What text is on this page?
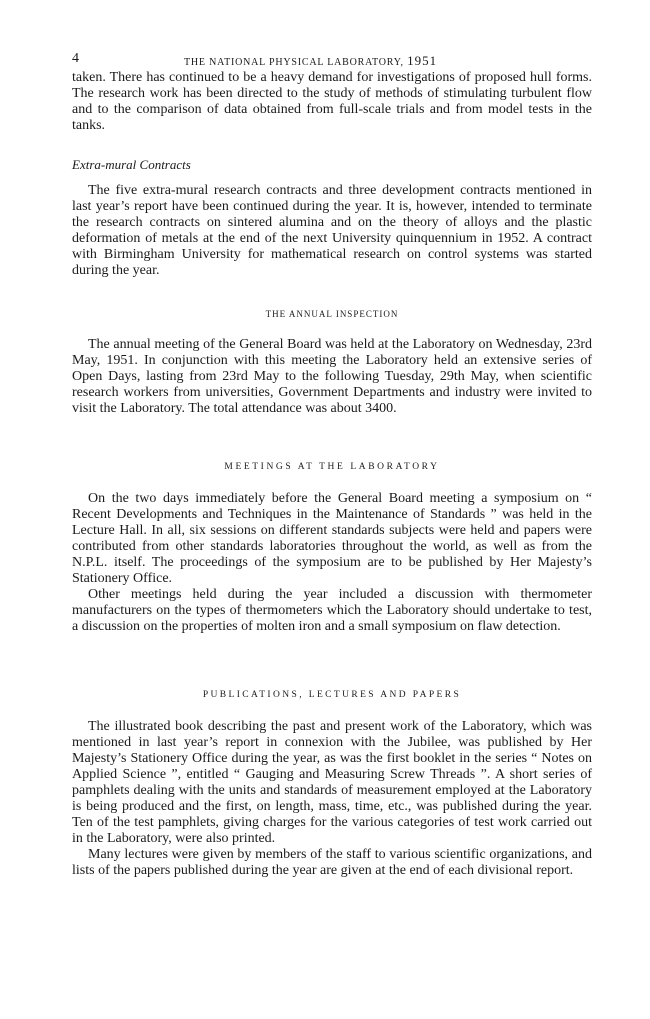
4	THE NATIONAL PHYSICAL LABORATORY, 1951

taken. There has continued to be a heavy demand for investigations of proposed hull forms. The research work has been directed to the study of methods of stimulating turbulent flow and to the comparison of data obtained from full-scale trials and from model tests in the tanks.

Extra-mural Contracts

The five extra-mural research contracts and three development contracts mentioned in last year’s report have been continued during the year. It is, however, intended to terminate the research contracts on sintered alumina and on the theory of alloys and the plastic deformation of metals at the end of the next University quinquennium in 1952. A contract with Birmingham University for mathematical research on control systems was started during the year.

THE ANNUAL INSPECTION

The annual meeting of the General Board was held at the Laboratory on Wednesday, 23rd May, 1951. In conjunction with this meeting the Laboratory held an extensive series of Open Days, lasting from 23rd May to the following Tuesday, 29th May, when scientific research workers from universities, Government Departments and industry were invited to visit the Laboratory. The total attendance was about 3400.

MEETINGS AT THE LABORATORY

On the two days immediately before the General Board meeting a symposium on “ Recent Developments and Techniques in the Maintenance of Standards ” was held in the Lecture Hall. In all, six sessions on different standards subjects were held and papers were contributed from other standards laboratories throughout the world, as well as from the N.P.L. itself. The proceedings of the symposium are to be published by Her Majesty’s Stationery Office.

Other meetings held during the year included a discussion with thermometer manufacturers on the types of thermometers which the Laboratory should undertake to test, a discussion on the properties of molten iron and a small symposium on flaw detection.

PUBLICATIONS, LECTURES AND PAPERS

The illustrated book describing the past and present work of the Laboratory, which was mentioned in last year’s report in connexion with the Jubilee, was published by Her Majesty’s Stationery Office during the year, as was the first booklet in the series “ Notes on Applied Science ”, entitled “ Gauging and Measuring Screw Threads ”. A short series of pamphlets dealing with the units and standards of measurement employed at the Laboratory is being produced and the first, on length, mass, time, etc., was published during the year. Ten of the test pamphlets, giving charges for the various categories of test work carried out in the Laboratory, were also printed.

Many lectures were given by members of the staff to various scientific organizations, and lists of the papers published during the year are given at the end of each divisional report.
